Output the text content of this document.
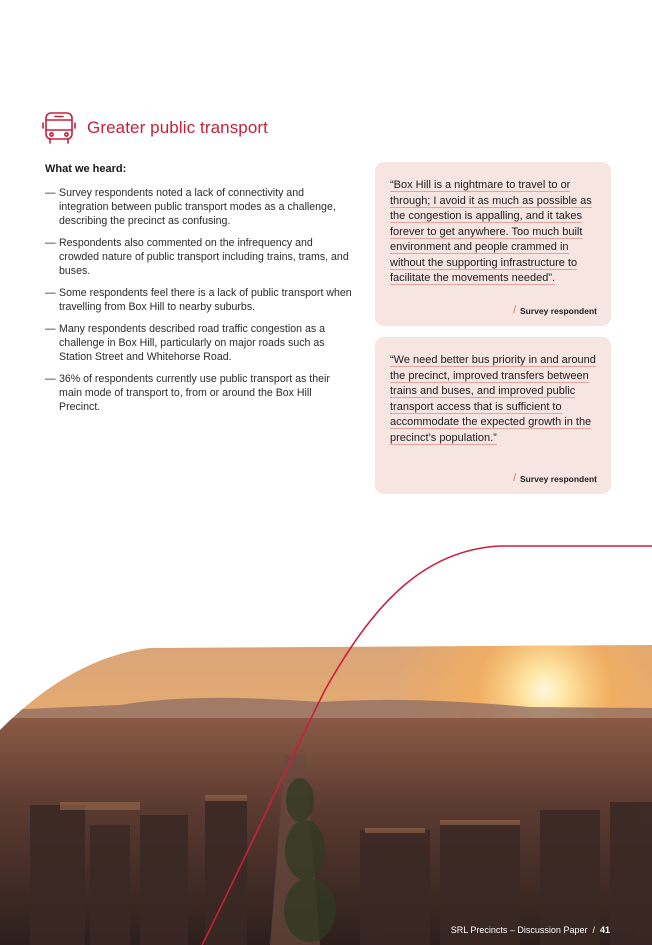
Greater public transport
What we heard:
— Survey respondents noted a lack of connectivity and integration between public transport modes as a challenge, describing the precinct as confusing.
— Respondents also commented on the infrequency and crowded nature of public transport including trains, trams, and buses.
— Some respondents feel there is a lack of public transport when travelling from Box Hill to nearby suburbs.
— Many respondents described road traffic congestion as a challenge in Box Hill, particularly on major roads such as Station Street and Whitehorse Road.
— 36% of respondents currently use public transport as their main mode of transport to, from or around the Box Hill Precinct.

“Box Hill is a nightmare to travel to or through; I avoid it as much as possible as the congestion is appalling, and it takes forever to get anywhere. Too much built environment and people crammed in without the supporting infrastructure to facilitate the movements needed”.

/ Survey respondent

“We need better bus priority in and around the precinct, improved transfers between trains and buses, and improved public transport access that is sufficient to accommodate the expected growth in the precinct’s population.”

/ Survey respondent
SRL Precincts – Discussion Paper / 41
